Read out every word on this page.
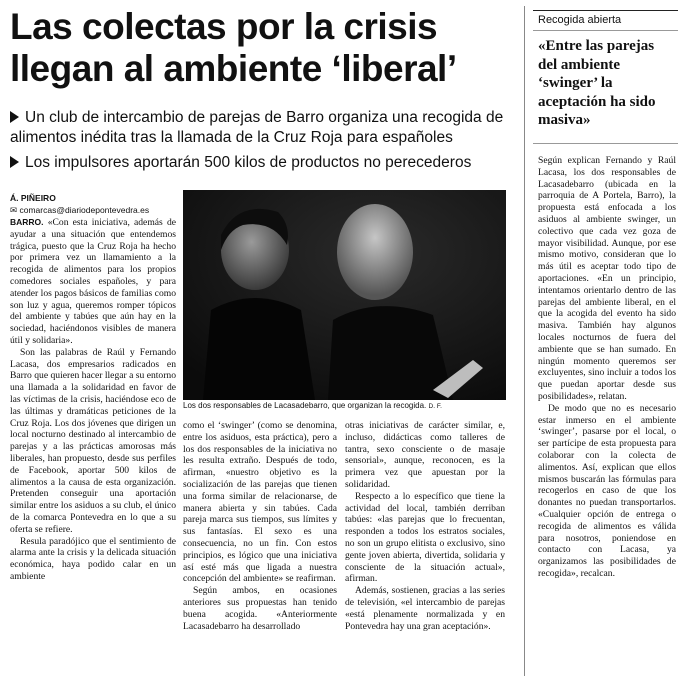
Las colectas por la crisis
llegan al ambiente ‘liberal’
Un club de intercambio de parejas de Barro organiza una recogida de
alimentos inédita tras la llamada de la Cruz Roja para españoles
Los impulsores aportarán 500 kilos de productos no perecederos
Á. PIÑEIRO
✉ comarcas@diariodepontevedra.es

BARRO. «Con esta iniciativa, además de ayudar a una situación que entendemos trágica, puesto que la Cruz Roja ha hecho por primera vez un llamamiento a la recogida de alimentos para los propios comedores sociales españoles, y para atender los pagos básicos de familias como son luz y agua, queremos romper tópicos del ambiente y tabúes que aún hay en la sociedad, haciéndonos visibles de manera útil y solidaria».

Son las palabras de Raúl y Fernando Lacasa, dos empresarios radicados en Barro que quieren hacer llegar a su entorno una llamada a la solidaridad en favor de las víctimas de la crisis, haciéndose eco de las últimas y dramáticas peticiones de la Cruz Roja. Los dos jóvenes que dirigen un local nocturno destinado al intercambio de parejas y a las prácticas amorosas más liberales, han propuesto, desde sus perfiles de Facebook, aportar 500 kilos de alimentos a la causa de esta organización. Pretenden conseguir una aportación similar entre los asiduos a su club, el único de la comarca Pontevedra en lo que a su oferta se refiere.

Resula paradójico que el sentimiento de alarma ante la crisis y la delicada situación económica, haya podido calar en un ambiente

Los dos responsables de Lacasadebarro, que organizan la recogida. D. F.

como el ‘swinger’ (como se denomina, entre los asiduos, esta práctica), pero a los dos responsables de la iniciativa no les resulta extraño. Después de todo, afirman, «nuestro objetivo es la socialización de las parejas que tienen una forma similar de relacionarse, de manera abierta y sin tabúes. Cada pareja marca sus tiempos, sus límites y sus fantasías. El sexo es una consecuencia, no un fin. Con estos principios, es lógico que una iniciativa así esté más que ligada a nuestra concepción del ambiente» se reafirman.

Según ambos, en ocasiones anteriores sus propuestas han tenido buena acogida. «Anteriormente Lacasadebarro ha desarrollado

otras iniciativas de carácter similar, e, incluso, didácticas como talleres de tantra, sexo consciente o de masaje sensorial», aunque, reconocen, es la primera vez que apuestan por la solidaridad.

Respecto a lo específico que tiene la actividad del local, también derriban tabúes: «las parejas que lo frecuentan, responden a todos los estratos sociales, no son un grupo elitista o exclusivo, sino gente joven abierta, divertida, solidaria y consciente de la situación actual», afirman.

Además, sostienen, gracias a las series de televisión, «el intercambio de parejas «está plenamente normalizada y en Pontevedra hay una gran aceptación».

Recogida abierta
«Entre las parejas del ambiente ‘swinger’ la aceptación ha sido masiva»

Según explican Fernando y Raúl Lacasa, los dos responsables de Lacasadebarro (ubicada en la parroquia de A Portela, Barro), la propuesta está enfocada a los asiduos al ambiente swinger, un colectivo que cada vez goza de mayor visibilidad. Aunque, por ese mismo motivo, consideran que lo más útil es aceptar todo tipo de aportaciones. «En un principio, intentamos orientarlo dentro de las parejas del ambiente liberal, en el que la acogida del evento ha sido masiva. También hay algunos locales nocturnos de fuera del ambiente que se han sumado. En ningún momento queremos ser excluyentes, sino incluir a todos los que puedan aportar desde sus posibilidades», relatan.

De modo que no es necesario estar inmerso en el ambiente ‘swinger’, pasarse por el local, o ser partícipe de esta propuesta para colaborar con la colecta de alimentos. Así, explican que ellos mismos buscarán las fórmulas para recogerlos en caso de que los donantes no puedan transportarlos. «Cualquier opción de entrega o recogida de alimentos es válida para nosotros, poniendose en contacto con Lacasa, ya organizamos las posibilidades de recogida», recalcan.
